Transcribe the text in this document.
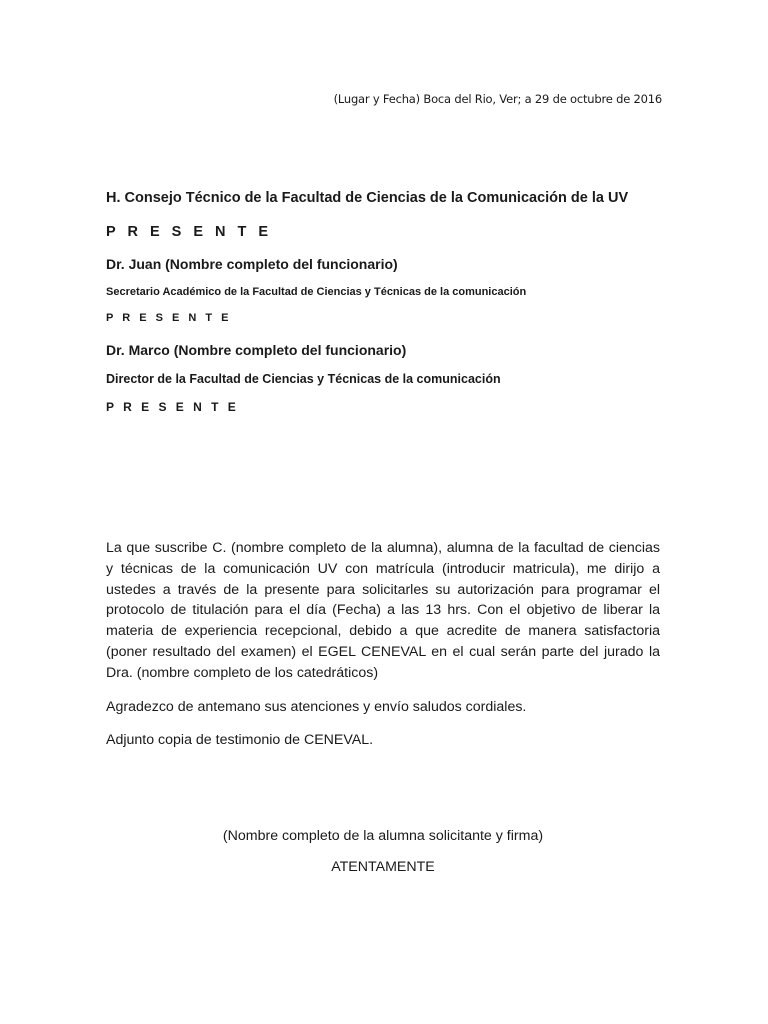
(Lugar y Fecha) Boca del Rio, Ver; a 29 de octubre de 2016

H. Consejo Técnico de la Facultad de Ciencias de la Comunicación de la UV

P R E S E N T E

Dr. Juan (Nombre completo del funcionario)

Secretario Académico de la Facultad de Ciencias y Técnicas de la comunicación

P R E S E N T E

Dr. Marco (Nombre completo del funcionario)

Director de la Facultad de Ciencias y Técnicas de la comunicación

P R E S E N T E

La que suscribe C. (nombre completo de la alumna), alumna de la facultad de ciencias y técnicas de la comunicación UV con matrícula (introducir matricula), me dirijo a ustedes a través de la presente para solicitarles su autorización para programar el protocolo de titulación para el día (Fecha) a las 13 hrs. Con el objetivo de liberar la materia de experiencia recepcional, debido a que acredite de manera satisfactoria (poner resultado del examen) el EGEL CENEVAL en el cual serán parte del jurado la Dra. (nombre completo de los catedráticos)

Agradezco de antemano sus atenciones y envío saludos cordiales.

Adjunto copia de testimonio de CENEVAL.

(Nombre completo de la alumna solicitante y firma)

ATENTAMENTE
